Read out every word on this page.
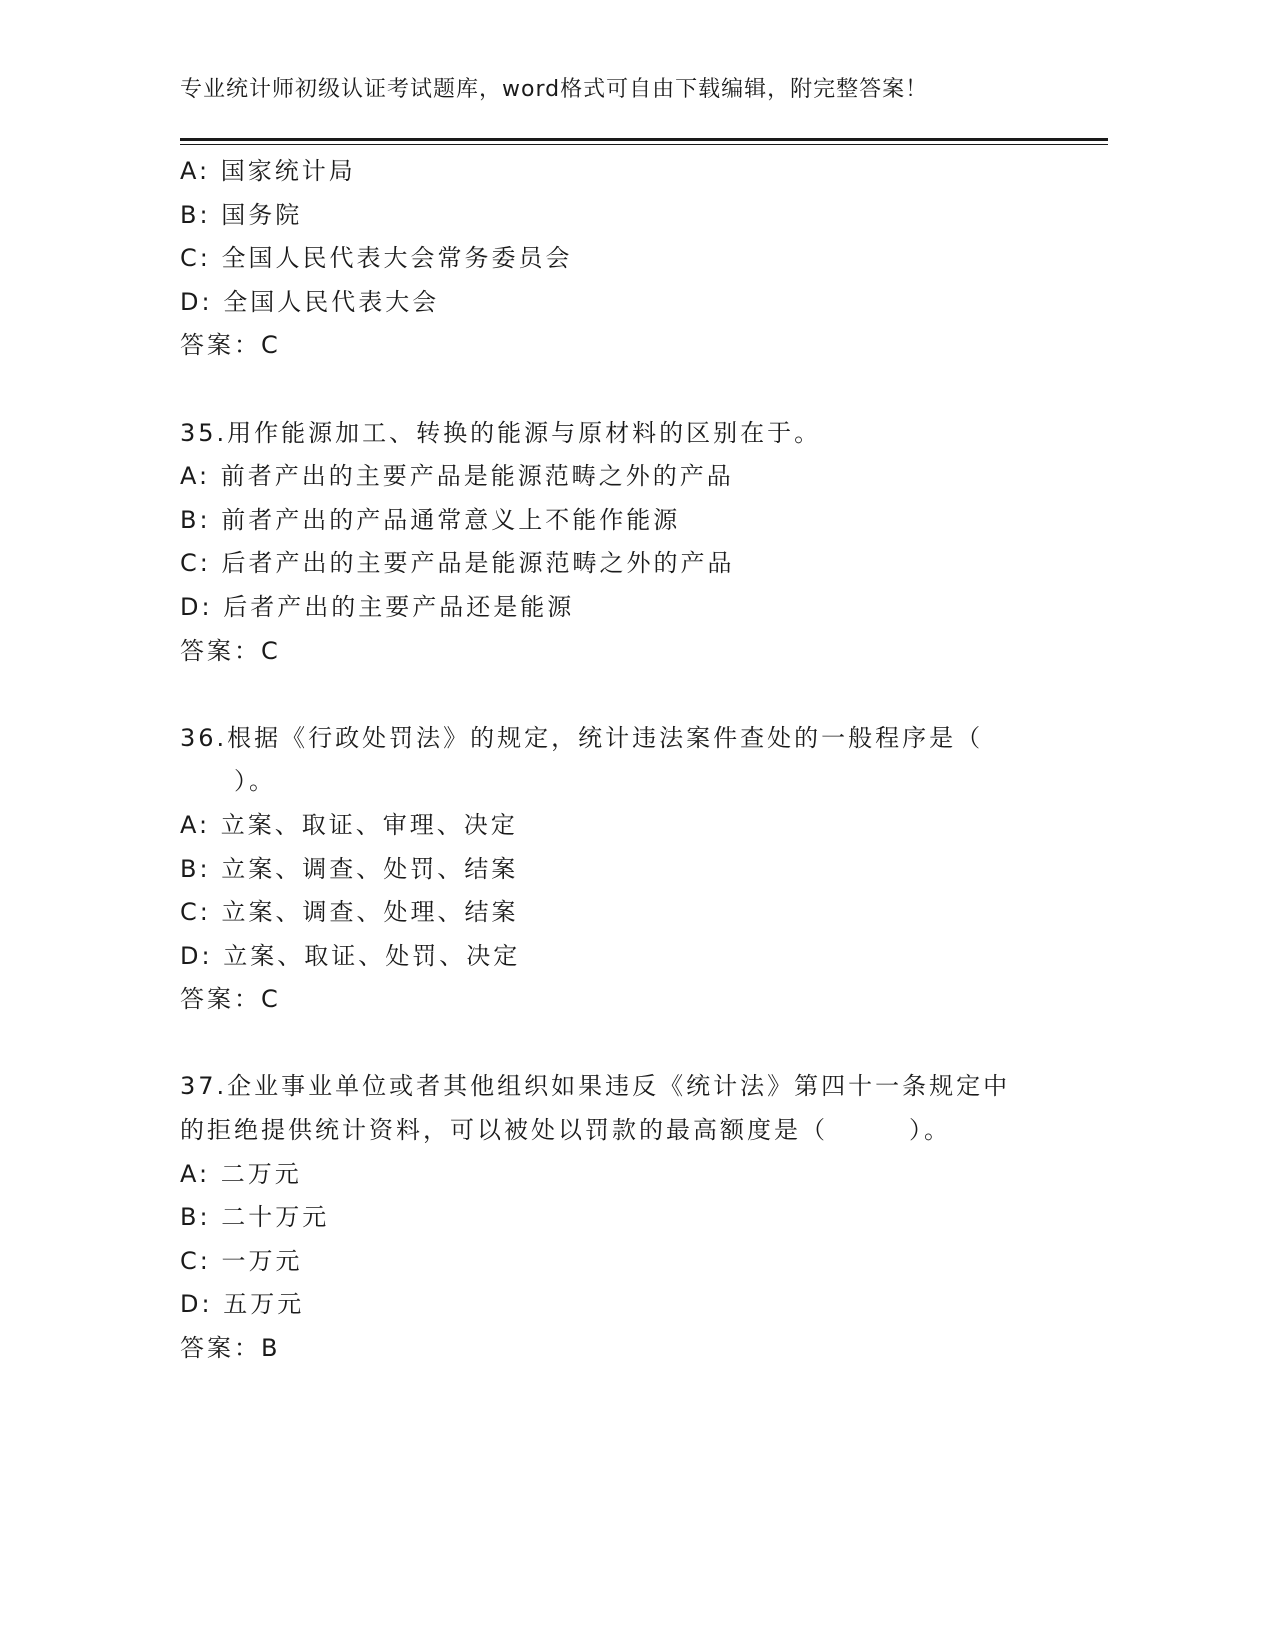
专业统计师初级认证考试题库，word格式可自由下载编辑，附完整答案！
A: 国家统计局
B: 国务院
C: 全国人民代表大会常务委员会
D: 全国人民代表大会
答案：C
35.用作能源加工、转换的能源与原材料的区别在于。
A: 前者产出的主要产品是能源范畴之外的产品
B: 前者产出的产品通常意义上不能作能源
C: 后者产出的主要产品是能源范畴之外的产品
D: 后者产出的主要产品还是能源
答案：C
36.根据《行政处罚法》的规定，统计违法案件查处的一般程序是（
　　）。
A: 立案、取证、审理、决定
B: 立案、调查、处罚、结案
C: 立案、调查、处理、结案
D: 立案、取证、处罚、决定
答案：C
37.企业事业单位或者其他组织如果违反《统计法》第四十一条规定中
的拒绝提供统计资料，可以被处以罚款的最高额度是（　　　）。
A: 二万元
B: 二十万元
C: 一万元
D: 五万元
答案：B
